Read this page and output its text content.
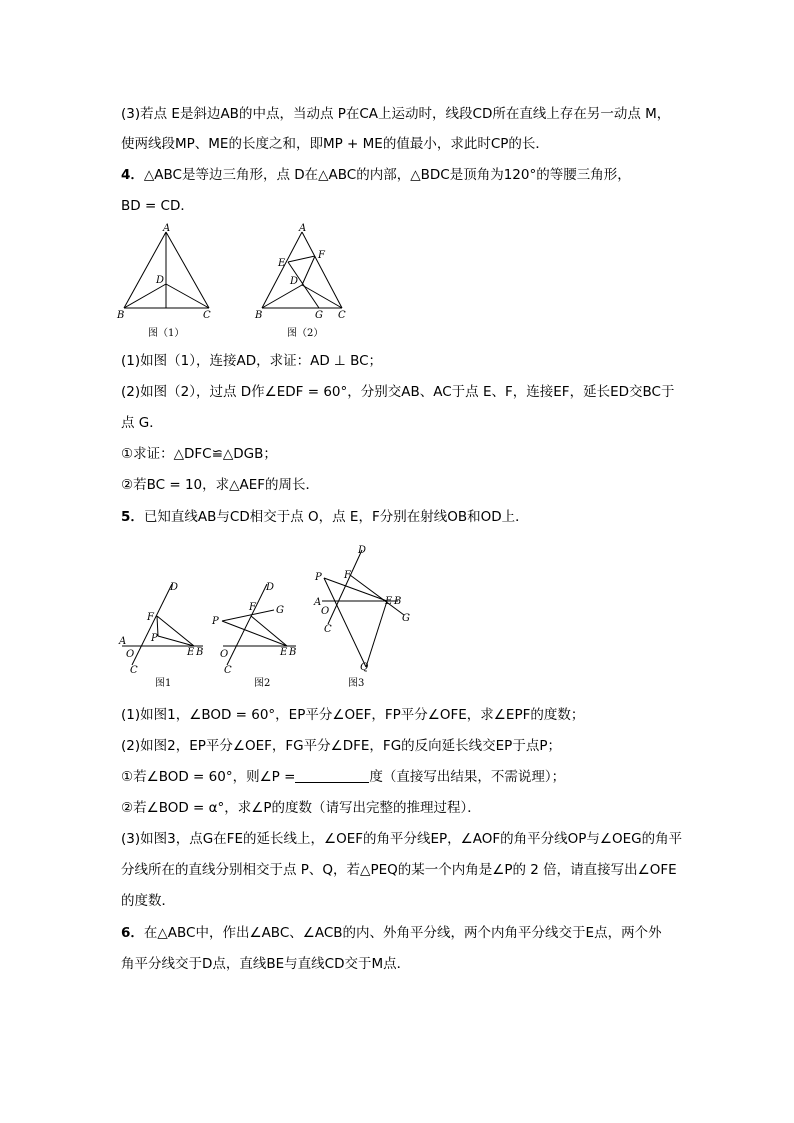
(3)若点 E是斜边AB的中点，当动点 P在CA上运动时，线段CD所在直线上存在另一动点 M，
使两线段MP、ME的长度之和，即MP + ME的值最小，求此时CP的长．
4．△ABC是等边三角形，点 D在△ABC的内部，△BDC是顶角为120°的等腰三角形，
BD = CD．
A
B	C
D
图（1）
A
B	C
D
E
F
G
图（2）
(1)如图（1），连接AD，求证：AD ⊥ BC；
(2)如图（2），过点 D作∠EDF = 60°，分别交AB、AC于点 E、F，连接EF，延长ED交BC于
点 G．
①求证：△DFC≌△DGB；
②若BC = 10，求△AEF的周长．
5．已知直线AB与CD相交于点 O，点 E，F分别在射线OB和OD上．
D
F
P
A
O
C
E B
图1
D
G
F
P
O
C
E B
图2
D
F
P
A
O
C
E B
G
Q
图3
(1)如图1，∠BOD = 60°，EP平分∠OEF，FP平分∠OFE，求∠EPF的度数；
(2)如图2，EP平分∠OEF，FG平分∠DFE，FG的反向延长线交EP于点P；
①若∠BOD = 60°，则∠P =	度（直接写出结果，不需说理）；
②若∠BOD = α°，求∠P的度数（请写出完整的推理过程）．
(3)如图3，点G在FE的延长线上，∠OEF的角平分线EP，∠AOF的角平分线OP与∠OEG的角平
分线所在的直线分别相交于点 P、Q，若△PEQ的某一个内角是∠P的 2 倍，请直接写出∠OFE
的度数．
6．在△ABC中，作出∠ABC、∠ACB的内、外角平分线，两个内角平分线交于E点，两个外
角平分线交于D点，直线BE与直线CD交于M点．
